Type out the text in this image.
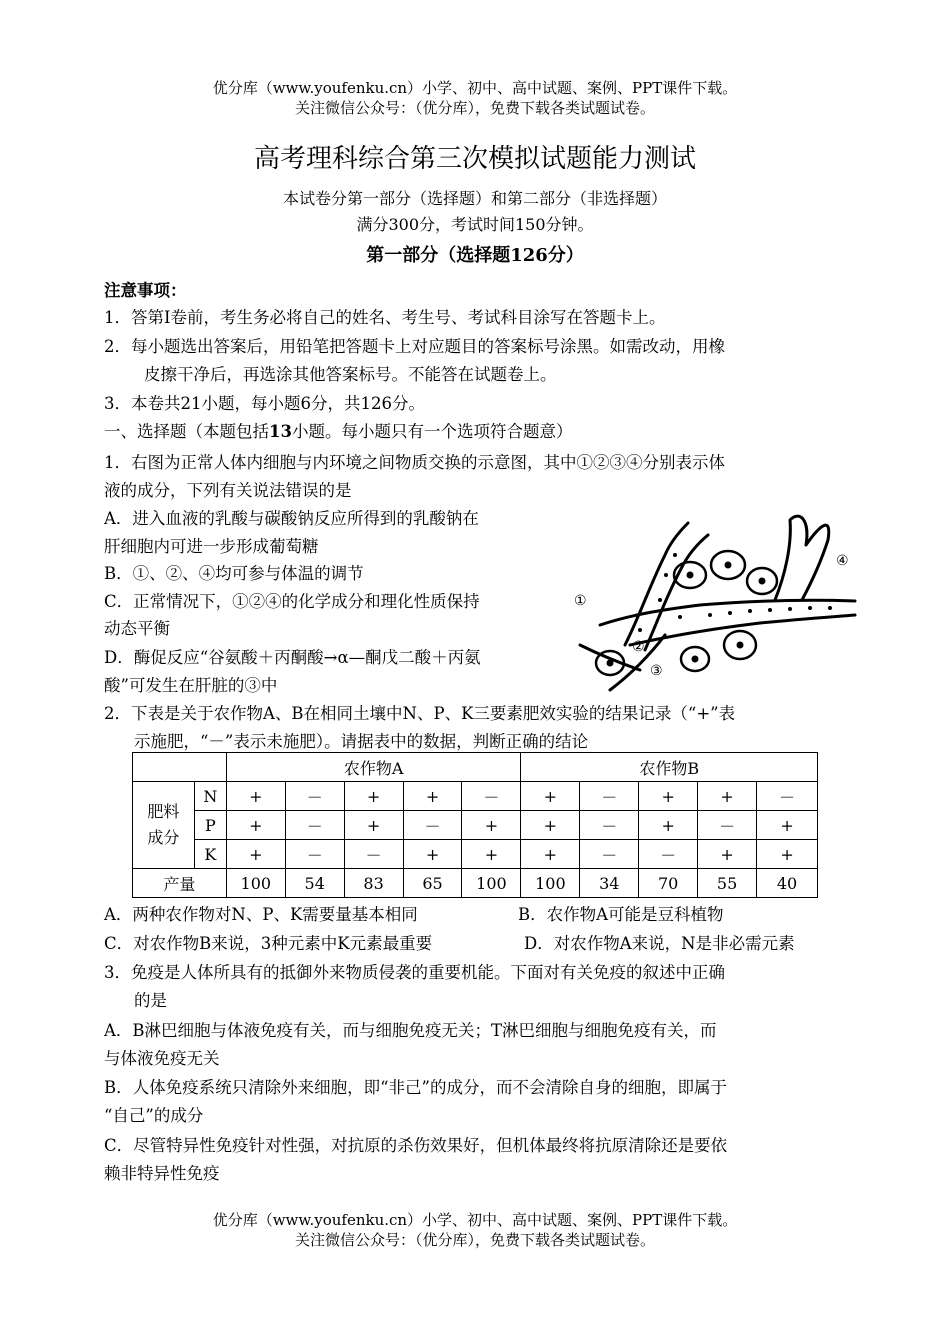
优分库（www.youfenku.cn）小学、初中、高中试题、案例、PPT课件下载。
关注微信公众号：（优分库），免费下载各类试题试卷。
高考理科综合第三次模拟试题能力测试
本试卷分第一部分（选择题）和第二部分（非选择题）
满分300分，考试时间150分钟。
第一部分（选择题126分）
注意事项：
1．答第I卷前，考生务必将自己的姓名、考生号、考试科目涂写在答题卡上。
2．每小题选出答案后，用铅笔把答题卡上对应题目的答案标号涂黑。如需改动，用橡
皮擦干净后，再选涂其他答案标号。不能答在试题卷上。
3．本卷共21小题，每小题6分，共126分。
一、选择题（本题包括13小题。每小题只有一个选项符合题意）
1．右图为正常人体内细胞与内环境之间物质交换的示意图，其中①②③④分别表示体
液的成分，下列有关说法错误的是
A．进入血液的乳酸与碳酸钠反应所得到的乳酸钠在
肝细胞内可进一步形成葡萄糖
B．①、②、④均可参与体温的调节
C．正常情况下，①②④的化学成分和理化性质保持
动态平衡
D．酶促反应“谷氨酸＋丙酮酸→α—酮戊二酸＋丙氨
酸”可发生在肝脏的③中
①
②
③
④
2．下表是关于农作物A、B在相同土壤中N、P、K三要素肥效实验的结果记录（“+”表
示施肥，“－”表示未施肥）。请据表中的数据，判断正确的结论
		农作物A					农作物B				
肥料
成分	N	+	－	+	+	－	+	－	+	+	－
	P	+	－	+	－	+	+	－	+	－	+
	K	+	－	－	+	+	+	－	－	+	+
产量		100	54	83	65	100	100	34	70	55	40
A．两种农作物对N、P、K需要量基本相同	B．农作物A可能是豆科植物
C．对农作物B来说，3种元素中K元素最重要	D．对农作物A来说，N是非必需元素
3．免疫是人体所具有的抵御外来物质侵袭的重要机能。下面对有关免疫的叙述中正确
的是
A．B淋巴细胞与体液免疫有关，而与细胞免疫无关；T淋巴细胞与细胞免疫有关，而
与体液免疫无关
B．人体免疫系统只清除外来细胞，即“非己”的成分，而不会清除自身的细胞，即属于
“自己”的成分
C．尽管特异性免疫针对性强，对抗原的杀伤效果好，但机体最终将抗原清除还是要依
赖非特异性免疫
优分库（www.youfenku.cn）小学、初中、高中试题、案例、PPT课件下载。
关注微信公众号：（优分库），免费下载各类试题试卷。
